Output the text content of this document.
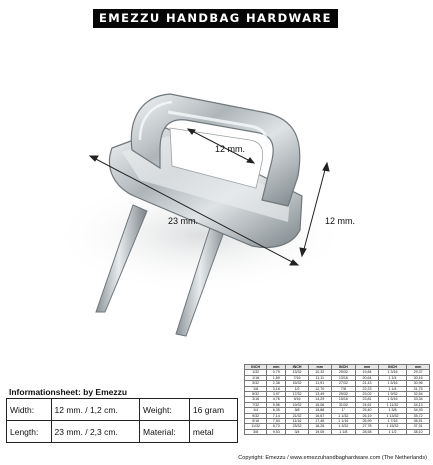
EMEZZU HANDBAG HARDWARE
12 mm.
23 mm.	12 mm.
Informationsheet: by Emezzu
Width:	12 mm. / 1,2 cm.	Weight:	16 gram
Length:	23 mm. / 2,3 cm.	Material:	metal
INCH	mm	INCH	mm	INCH	mm	INCH	mm
1/32	0,79	13/32	10,32	25/32	19,84	1 3/16	29,37
1/16	1,59	7/16	11,11	13/16	20,64	1 1/4	30,16
3/32	2,38	15/32	11,91	27/32	21,43	1 5/16	30,96
1/8	3,18	1/2	12,70	7/8	22,23	1 1/4	31,75
5/32	3,97	17/32	13,49	29/32	23,02	1 9/32	32,54
3/16	4,76	9/16	14,29	15/16	23,81	1 5/16	33,34
7/32	5,56	19/32	15,08	31/32	24,61	1 11/32	34,13
1/4	6,35	5/8	15,88	1"	25,40	1 3/8	34,93
9/32	7,14	21/32	16,67	1 1/32	26,19	1 13/32	35,72
5/16	7,94	11/16	17,46	1 1/16	26,99	1 7/16	36,51
11/32	8,73	23/32	18,26	1 3/32	27,78	1 15/32	37,31
3/8	9,53	3/4	19,05	1 1/8	28,58	1 1/2	38,10
Copyright: Emezzu / www.emezzuhandbaghardware.com (The Netherlands)
